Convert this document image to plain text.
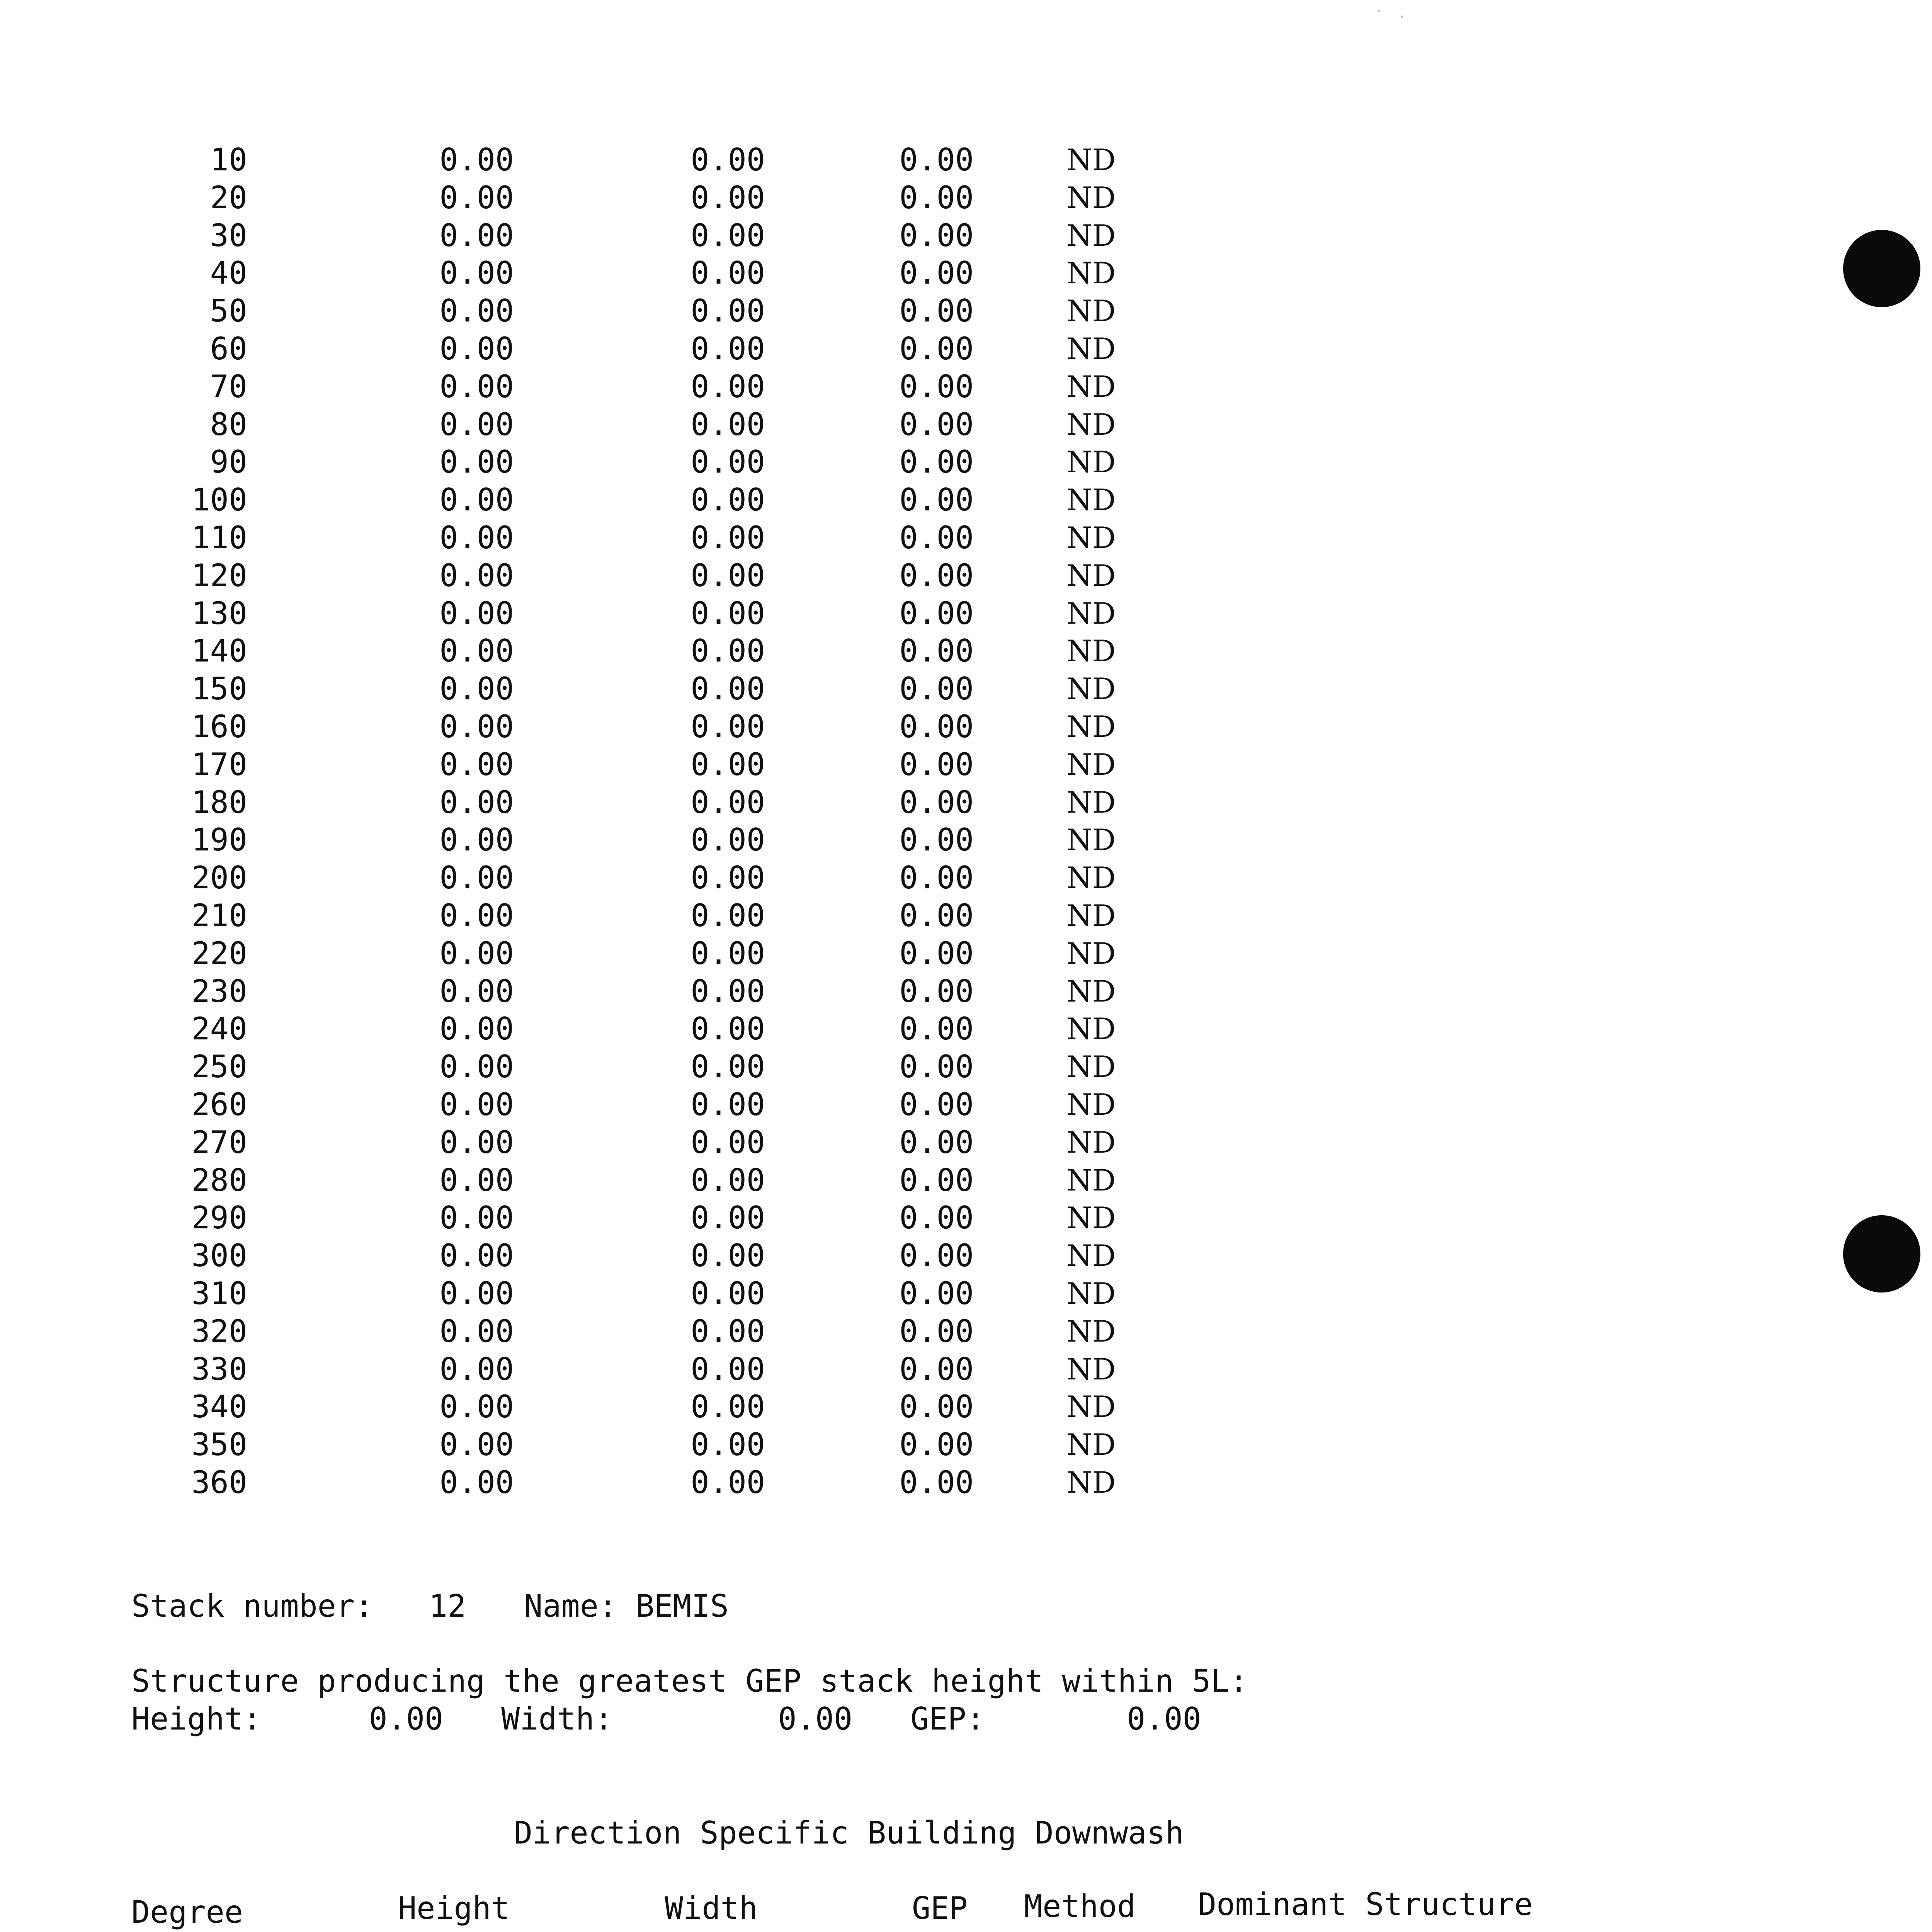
10	0.00	0.00	0.00	ND
20	0.00	0.00	0.00	ND
30	0.00	0.00	0.00	ND
40	0.00	0.00	0.00	ND
50	0.00	0.00	0.00	ND
60	0.00	0.00	0.00	ND
70	0.00	0.00	0.00	ND
80	0.00	0.00	0.00	ND
90	0.00	0.00	0.00	ND
100	0.00	0.00	0.00	ND
110	0.00	0.00	0.00	ND
120	0.00	0.00	0.00	ND
130	0.00	0.00	0.00	ND
140	0.00	0.00	0.00	ND
150	0.00	0.00	0.00	ND
160	0.00	0.00	0.00	ND
170	0.00	0.00	0.00	ND
180	0.00	0.00	0.00	ND
190	0.00	0.00	0.00	ND
200	0.00	0.00	0.00	ND
210	0.00	0.00	0.00	ND
220	0.00	0.00	0.00	ND
230	0.00	0.00	0.00	ND
240	0.00	0.00	0.00	ND
250	0.00	0.00	0.00	ND
260	0.00	0.00	0.00	ND
270	0.00	0.00	0.00	ND
280	0.00	0.00	0.00	ND
290	0.00	0.00	0.00	ND
300	0.00	0.00	0.00	ND
310	0.00	0.00	0.00	ND
320	0.00	0.00	0.00	ND
330	0.00	0.00	0.00	ND
340	0.00	0.00	0.00	ND
350	0.00	0.00	0.00	ND
360	0.00	0.00	0.00	ND
Stack number: 12 Name: BEMIS
Structure producing the greatest GEP stack height within 5L:
Height:	0.00 Width:	0.00 GEP:	0.00
Direction Specific Building Downwash
Degree	Height	Width	GEP Method Dominant Structure
